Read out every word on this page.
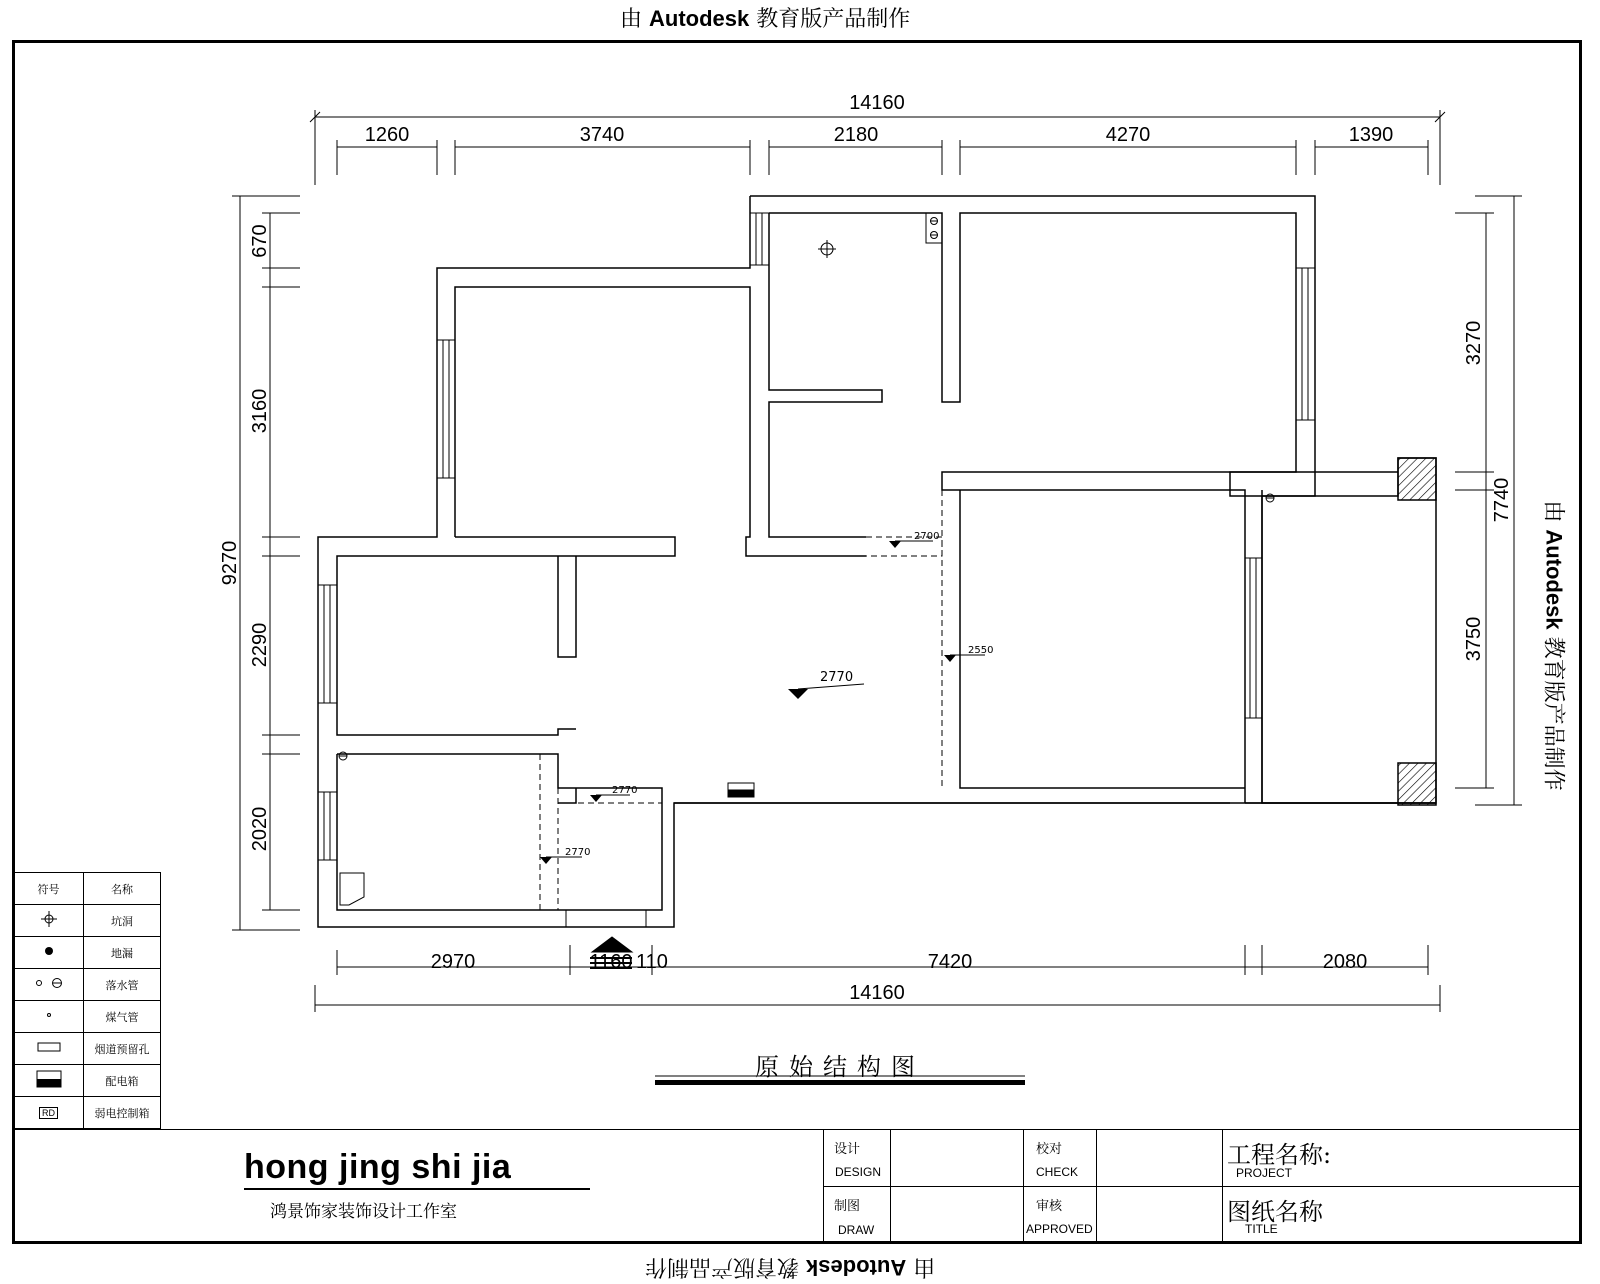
由 Autodesk 教育版产品制作
由 Autodesk 教育版产品制作
由 Autodesk 教育版产品制作
2770
2700
2550
2770
2770
14160
1260	3740	2180	4270	1390
2970	1160 110	7420	2080
14160
9270
670
3160
2290
2020
3270
3750
7740
原始结构图
符号	名称
	坑洞
	地漏
	落水管
	煤气管
	烟道预留孔
	配电箱
RD	弱电控制箱
hong jing shi jia
鸿景饰家装饰设计工作室
设计
DESIGN
制图
DRAW
校对
CHECK
审核
APPROVED
工程名称:
PROJECT
图纸名称
TITLE
